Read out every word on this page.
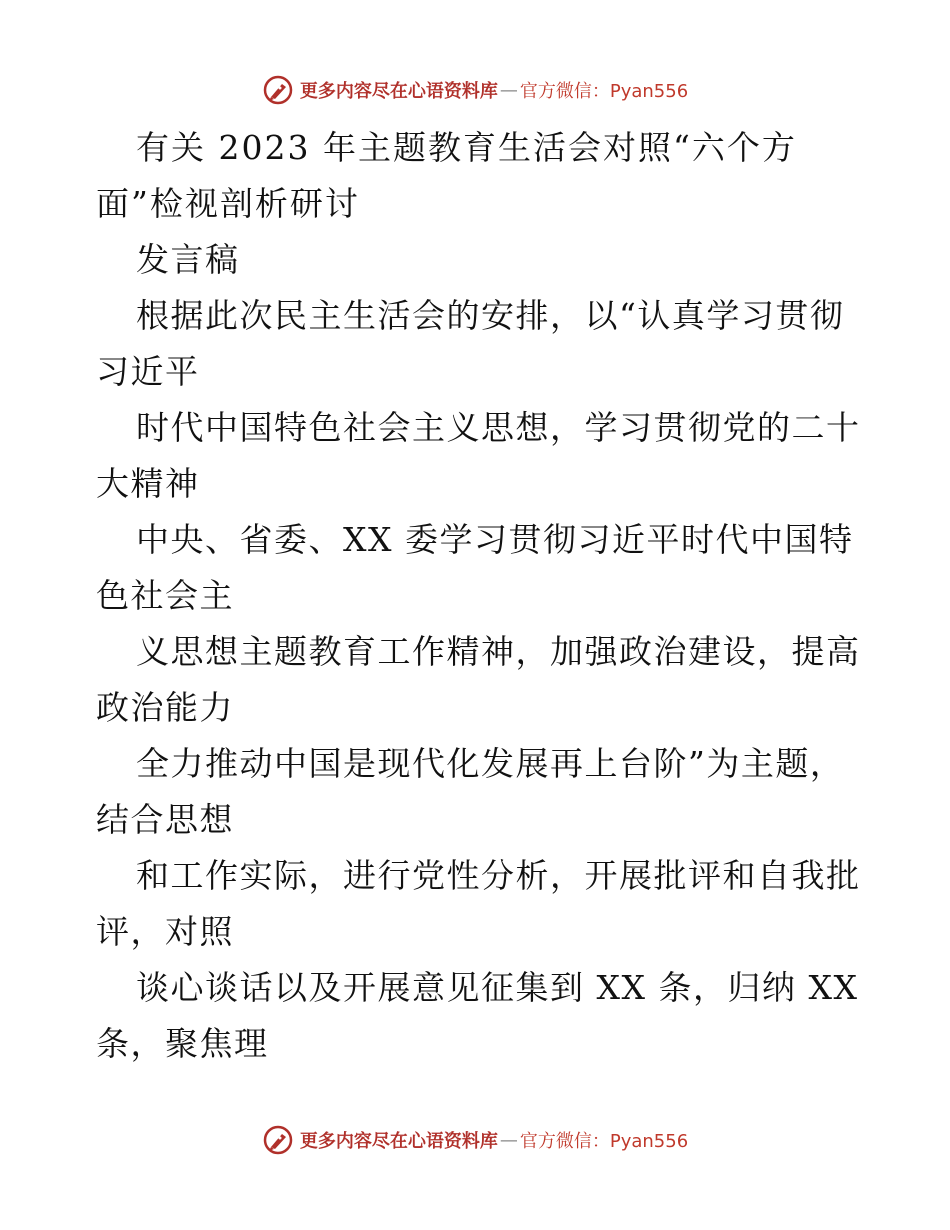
更多内容尽在心语资料库 — 官方微信：Pyan556
有关 2023 年主题教育生活会对照“六个方
面”检视剖析研讨
发言稿
根据此次民主生活会的安排，以“认真学习贯彻
习近平
时代中国特色社会主义思想，学习贯彻党的二十
大精神
中央、省委、XX 委学习贯彻习近平时代中国特
色社会主
义思想主题教育工作精神，加强政治建设，提高
政治能力
全力推动中国是现代化发展再上台阶”为主题，
结合思想
和工作实际，进行党性分析，开展批评和自我批
评，对照
谈心谈话以及开展意见征集到 XX 条，归纳 XX
条，聚焦理
更多内容尽在心语资料库 — 官方微信：Pyan556
